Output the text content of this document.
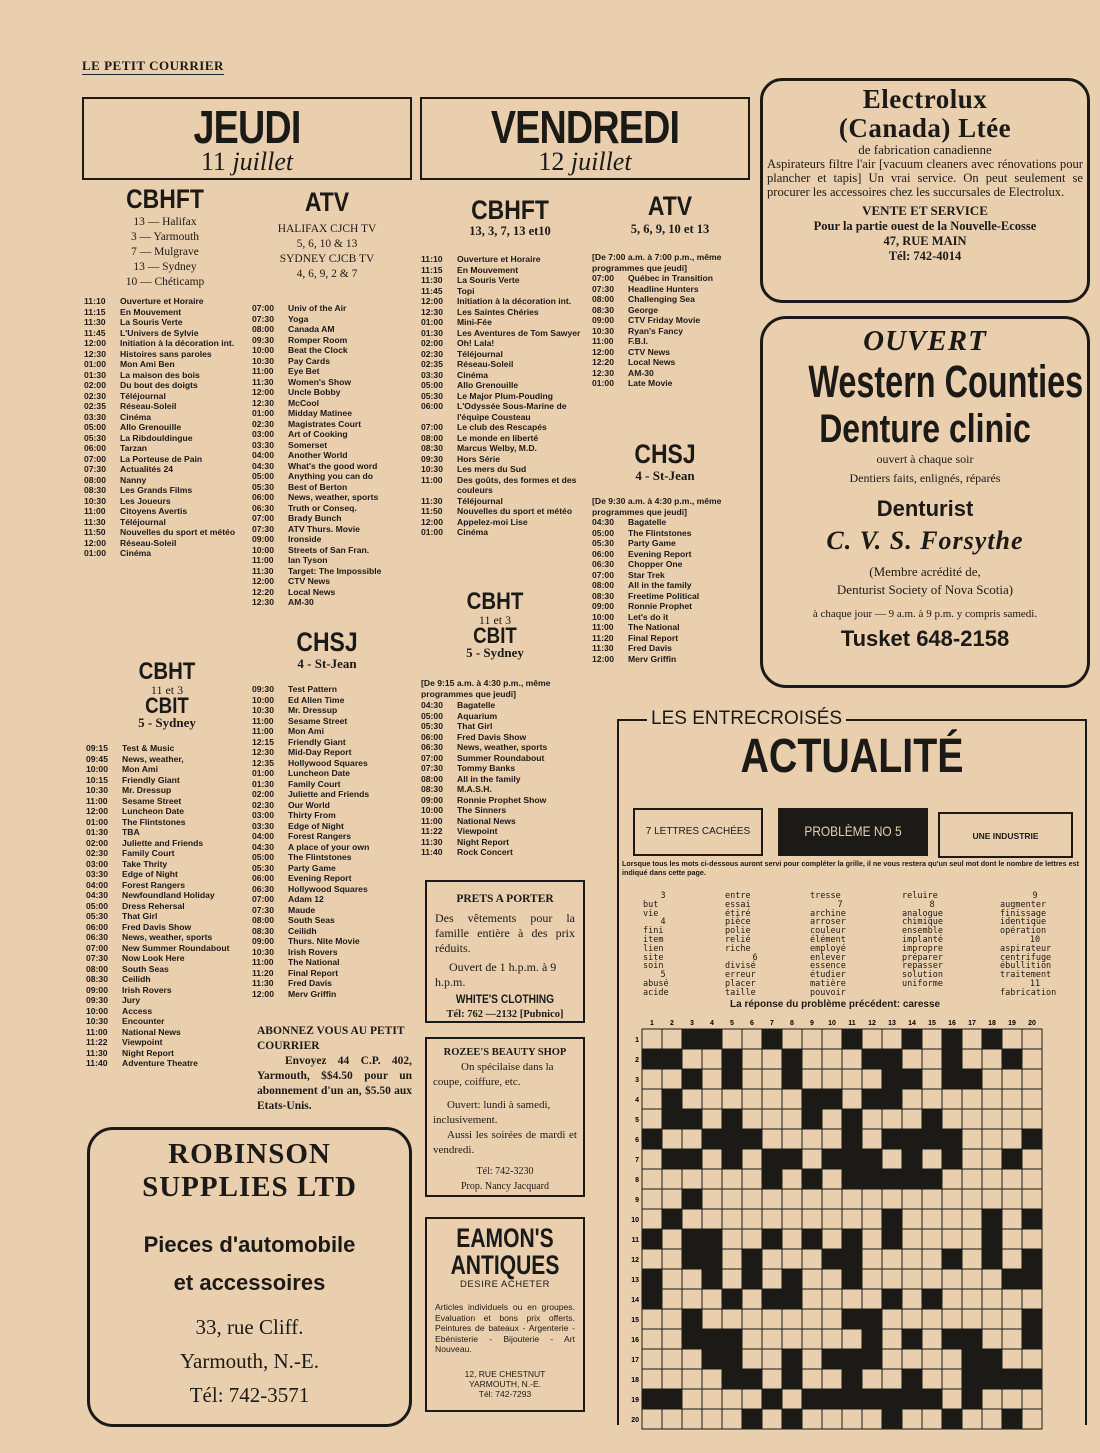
LE PETIT COURRIER
JEUDI
11 juillet
CBHFT
13 — Halifax
3 — Yarmouth
7 — Mulgrave
13 — Sydney
10 — Chéticamp
11:10	Ouverture et Horaire
11:15	En Mouvement
11:30	La Souris Verte
11:45	L'Univers de Sylvie
12:00	Initiation à la décoration int.
12:30	Histoires sans paroles
01:00	Mon Ami Ben
01:30	La maison des bois
02:00	Du bout des doigts
02:30	Téléjournal
02:35	Réseau-Soleil
03:30	Cinéma
05:00	Allo Grenouille
05:30	La Ribdouldingue
06:00	Tarzan
07:00	La Porteuse de Pain
07:30	Actualités 24
08:00	Nanny
08:30	Les Grands Films
10:30	Les Joueurs
11:00	Citoyens Avertis
11:30	Téléjournal
11:50	Nouvelles du sport et météo
12:00	Réseau-Soleil
01:00	Cinéma
ATV
HALIFAX CJCH TV
5, 6, 10 & 13
SYDNEY CJCB TV
4, 6, 9, 2 & 7
07:00	Univ of the Air
07:30	Yoga
08:00	Canada AM
09:30	Romper Room
10:00	Beat the Clock
10:30	Pay Cards
11:00	Eye Bet
11:30	Women's Show
12:00	Uncle Bobby
12:30	McCool
01:00	Midday Matinee
02:30	Magistrates Court
03:00	Art of Cooking
03:30	Somerset
04:00	Another World
04:30	What's the good word
05:00	Anything you can do
05:30	Best of Berton
06:00	News, weather, sports
06:30	Truth or Conseq.
07:00	Brady Bunch
07:30	ATV Thurs. Movie
09:00	Ironside
10:00	Streets of San Fran.
11:00	Ian Tyson
11:30	Target: The Impossible
12:00	CTV News
12:20	Local News
12:30	AM-30
CHSJ
4 - St-Jean
09:30	Test Pattern
10:00	Ed Allen Time
10:30	Mr. Dressup
11:00	Sesame Street
11:00	Mon Ami
12:15	Friendly Giant
12:30	Mid-Day Report
12:35	Hollywood Squares
01:00	Luncheon Date
01:30	Family Court
02:00	Juliette and Friends
02:30	Our World
03:00	Thirty From
03:30	Edge of Night
04:00	Forest Rangers
04:30	A place of your own
05:00	The Flintstones
05:30	Party Game
06:00	Evening Report
06:30	Hollywood Squares
07:00	Adam 12
07:30	Maude
08:00	South Seas
08:30	Ceilidh
09:00	Thurs. Nite Movie
10:30	Irish Rovers
11:00	The National
11:20	Final Report
11:30	Fred Davis
12:00	Merv Griffin
CBHT
11 et 3
CBIT
5 - Sydney
09:15	Test & Music
09:45	News, weather,
10:00	Mon Ami
10:15	Friendly Giant
10:30	Mr. Dressup
11:00	Sesame Street
12:00	Luncheon Date
01:00	The Flintstones
01:30	TBA
02:00	Juliette and Friends
02:30	Family Court
03:00	Take Thrity
03:30	Edge of Night
04:00	Forest Rangers
04:30	Newfoundland Holiday
05:00	Dress Rehersal
05:30	That Girl
06:00	Fred Davis Show
06:30	News, weather, sports
07:00	New Summer Roundabout
07:30	Now Look Here
08:00	South Seas
08:30	Ceilidh
09:00	Irish Rovers
09:30	Jury
10:00	Access
10:30	Encounter
11:00	National News
11:22	Viewpoint
11:30	Night Report
11:40	Adventure Theatre
ABONNEZ VOUS AU PETIT COURRIER
Envoyez 44 C.P. 402, Yarmouth, $$4.50 pour un abonnement d'un an, $5.50 aux Etats-Unis.
ROBINSON
SUPPLIES LTD
Pieces d'automobile
et accessoires
33, rue Cliff.
Yarmouth, N.-E.
Tél: 742-3571
VENDREDI
12 juillet
CBHFT
13, 3, 7, 13 et10
11:10	Ouverture et Horaire
11:15	En Mouvement
11:30	La Souris Verte
11:45	Topi
12:00	Initiation à la décoration int.
12:30	Les Saintes Chéries
01:00	Mini-Fée
01:30	Les Aventures de Tom Sawyer
02:00	Oh! Lala!
02:30	Téléjournal
02:35	Réseau-Soleil
03:30	Cinéma
05:00	Allo Grenouille
05:30	Le Major Plum-Pouding
06:00	L'Odyssée Sous-Marine de l'équipe Cousteau
07:00	Le club des Rescapés
08:00	Le monde en liberté
08:30	Marcus Welby, M.D.
09:30	Hors Série
10:30	Les mers du Sud
11:00	Des goûts, des formes et des couleurs
11:30	Téléjournal
11:50	Nouvelles du sport et météo
12:00	Appelez-moi Lise
01:00	Cinéma
ATV
5, 6, 9, 10 et 13
[De 7:00 a.m. à 7:00 p.m., même programmes que jeudi]
07:00	Québec in Transition
07:30	Headline Hunters
08:00	Challenging Sea
08:30	George
09:00	CTV Friday Movie
10:30	Ryan's Fancy
11:00	F.B.I.
12:00	CTV News
12:20	Local News
12:30	AM-30
01:00	Late Movie
CHSJ
4 - St-Jean
[De 9:30 a.m. à 4:30 p.m., même programmes que jeudi]
04:30	Bagatelle
05:00	The Flintstones
05:30	Party Game
06:00	Evening Report
06:30	Chopper One
07:00	Star Trek
08:00	All in the family
08:30	Freetime Political
09:00	Ronnie Prophet
10:00	Let's do it
11:00	The National
11:20	Final Report
11:30	Fred Davis
12:00	Merv Griffin
CBHT
11 et 3
CBIT
5 - Sydney
[De 9:15 a.m. à 4:30 p.m., même programmes que jeudi]
04:30	Bagatelle
05:00	Aquarium
05:30	That Girl
06:00	Fred Davis Show
06:30	News, weather, sports
07:00	Summer Roundabout
07:30	Tommy Banks
08:00	All in the family
08:30	M.A.S.H.
09:00	Ronnie Prophet Show
10:00	The Sinners
11:00	National News
11:22	Viewpoint
11:30	Night Report
11:40	Rock Concert
PRETS A PORTER
Des vêtements pour la famille entière à des prix réduits.
Ouvert de 1 h.p.m. à 9 h.p.m.
WHITE'S CLOTHING
Tél: 762 —2132 [Pubnico]
ROZEE'S BEAUTY SHOP
On spécilaise dans la coupe, coiffure, etc.
Ouvert: lundi à samedi, inclusivement.
Aussi les soirées de mardi et vendredi.
Tél: 742-3230
Prop. Nancy Jacquard
EAMON'S
ANTIQUES
DESIRE ACHETER
Articles individuels ou en groupes. Evaluation et bons prix offerts. Peintures de bateaux - Argenterie - Ebénisterie - Bijouterie - Art Nouveau.
12, RUE CHESTNUT
YARMOUTH, N.-E.
Tél: 742-7293
Electrolux
(Canada) Ltée
de fabrication canadienne
Aspirateurs filtre l'air [vacuum cleaners avec rénovations pour plancher et tapis] Un vrai service. On peut seulement se procurer les accessoires chez les succursales de Electrolux.
VENTE ET SERVICE
Pour la partie ouest de la Nouvelle-Ecosse
47, RUE MAIN
Tél: 742-4014
OUVERT
Western Counties
Denture clinic
ouvert à chaque soir
Dentiers faits, enlignés, réparés
Denturist
C. V. S. Forsythe
(Membre acrédité de,
Denturist Society of Nova Scotia)
à chaque jour — 9 a.m. à 9 p.m. y compris samedi.
Tusket 648-2158
LES ENTRECROISÉS
ACTUALITÉ
7 LETTRES CACHÉES	PROBLÈME NO 5	UNE INDUSTRIE
Lorsque tous les mots ci-dessous auront servi pour compléter la grille, il ne vous restera qu'un seul mot dont le nombre de lettres est indiqué dans cette page.
3
but
vie
4
fini
item
lien
site
soin
5
abusé
acide
entre
essai
étiré
pièce
polie
relié
riche
6
divisé
erreur
placer
taille
tresse
7
archine
arroser
couleur
élément
employé
enlever
essence
étudier
matière
pouvoir
reluire
8
analogue
chimique
ensemble
implanté
impropre
préparer
repasser
solution
uniforme
9
augmenter
finissage
identique
opération
10
aspirateur
centrifuge
ébullition
traitement
11
fabrication
La réponse du problème précédent: caresse
1 2 3 4 5 6 7 8 9 10 11 12 13 14 15 16 17 18 19 20
1
2
3
4
5
6
7
8
9
10
11
12
13
14
15
16
17
18
19
20
